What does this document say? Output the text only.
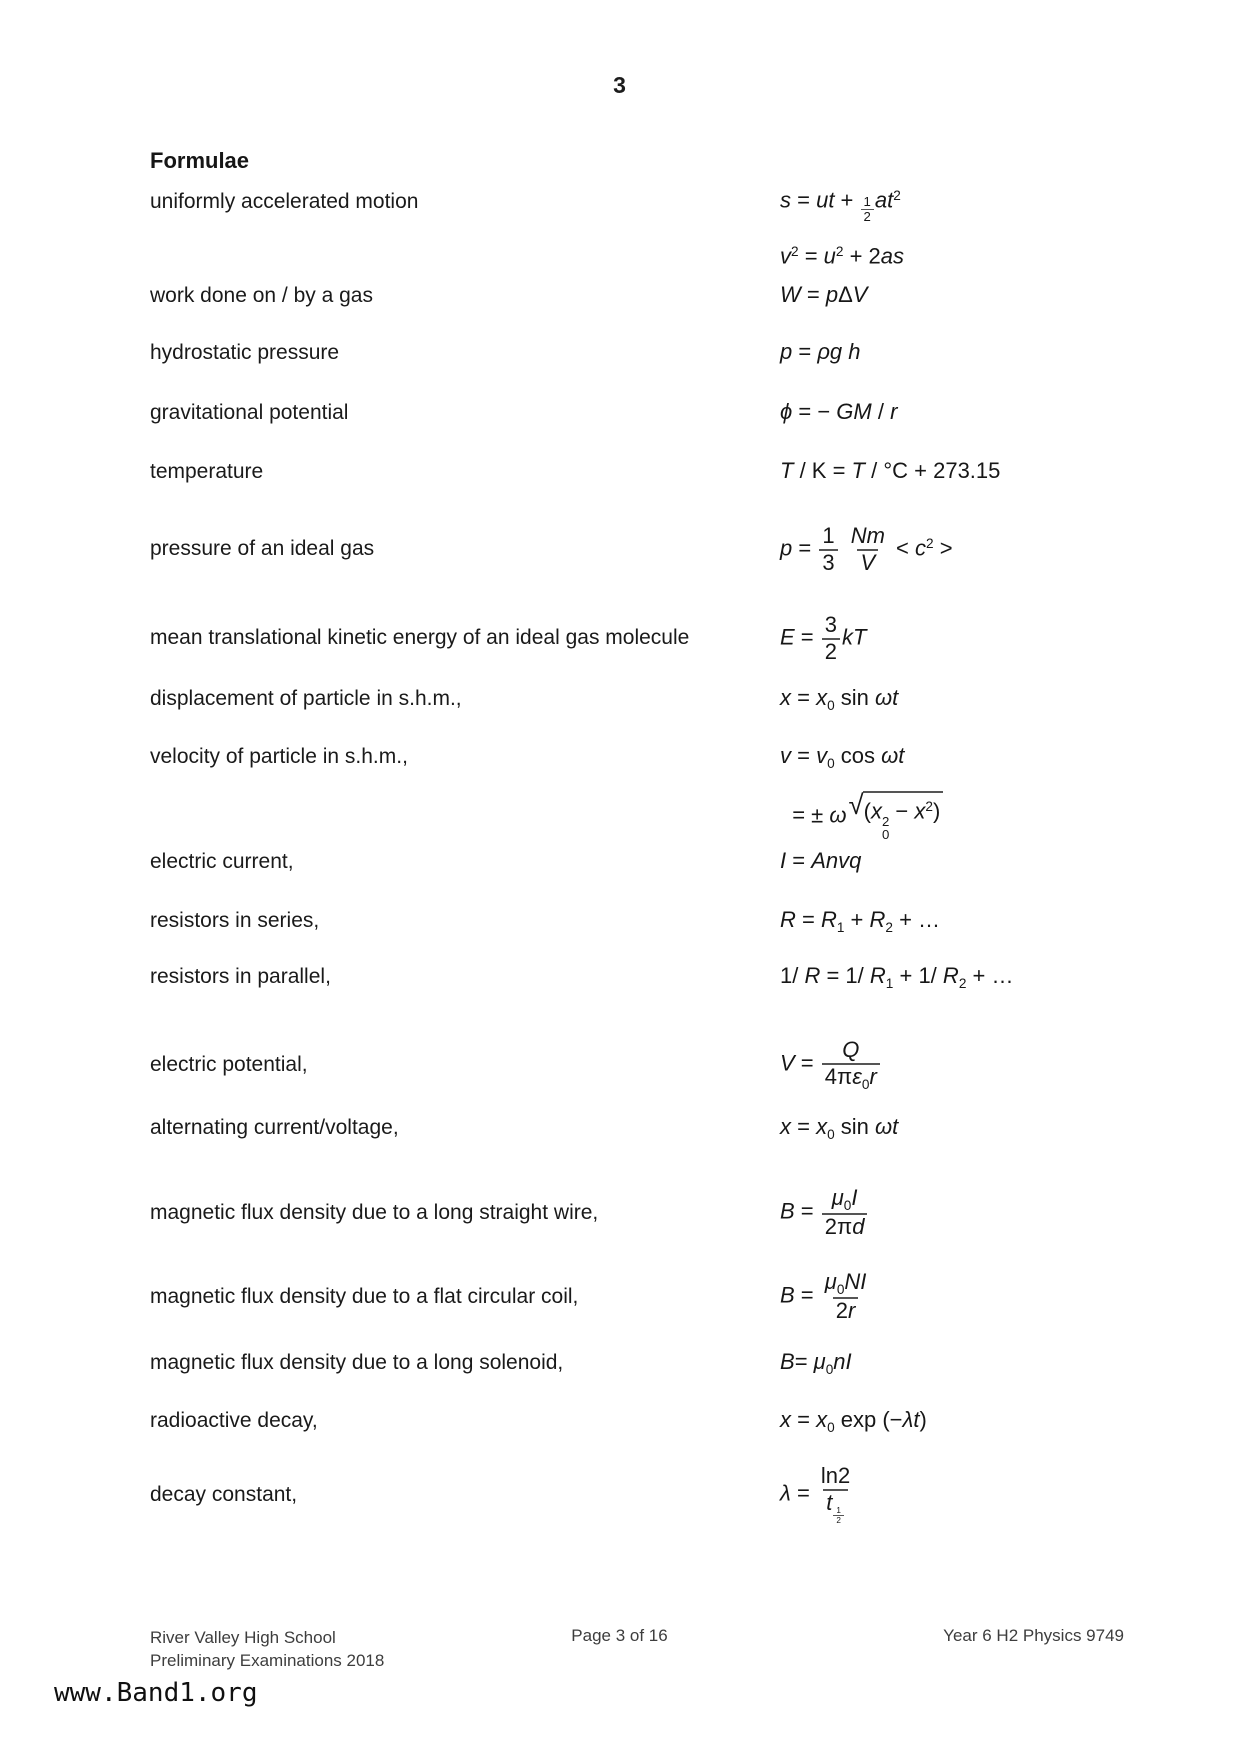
3
Formulae
uniformly accelerated motion	s = ut + $\frac{1}{2} at^2$
$v^2 = u^2 + 2as$
work done on / by a gas	W = pΔV
hydrostatic pressure	p = ρg h
gravitational potential	ϕ = − GM / r
temperature	T / K = T / °C + 273.15
pressure of an ideal gas	$p = \frac{1}{3}$
$\frac{Nm}{V} < c^2$ >
mean translational kinetic energy of an ideal gas molecule	$E = \frac{3}{2}$ kT
displacement of particle in s.h.m.,	$x = x_0$ sin ωt
velocity of particle in s.h.m.,	$v = v_0$ cos ωt
= ± ω √ (x 2
0
− $x^2$)
electric current,	I = Anvq
resistors in series,	$R = R_1 + R_2$ + …
resistors in parallel,	1/ R = 1/ $R_1 + 1/$ $R_2$ + …
electric potential,	$V = \frac{Q}{4\pi\varepsilon_0r}$
alternating current/voltage,	$x = x_0$ sin ωt
magnetic flux density due to a long straight wire,	$B = \frac{\mu_0I}{2\pi d}$
magnetic flux density due to a flat circular coil,	$B = \frac{\mu_0NI}{2r}$
magnetic flux density due to a long solenoid,	$B= \mu_0nI$
radioactive decay,	$x = x_0$ exp (−λt)
decay constant,	λ = ln2
t
$_{\frac{1}{2}}$
River Valley High School
Preliminary Examinations 2018
Page 3 of 16	Year 6 H2 Physics 9749
www.Band1.org
